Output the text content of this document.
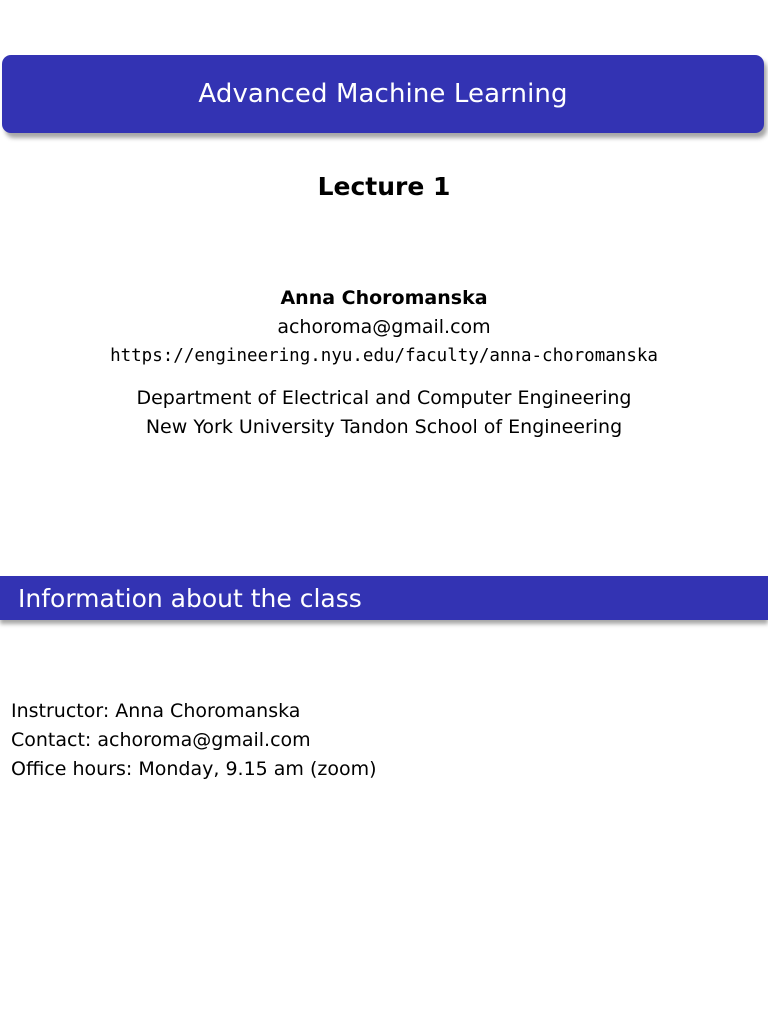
Advanced Machine Learning
Lecture 1
Anna Choromanska
achoroma@gmail.com
https://engineering.nyu.edu/faculty/anna-choromanska
Department of Electrical and Computer Engineering
New York University Tandon School of Engineering
Information about the class
Instructor: Anna Choromanska
Contact: achoroma@gmail.com
Office hours: Monday, 9.15 am (zoom)
